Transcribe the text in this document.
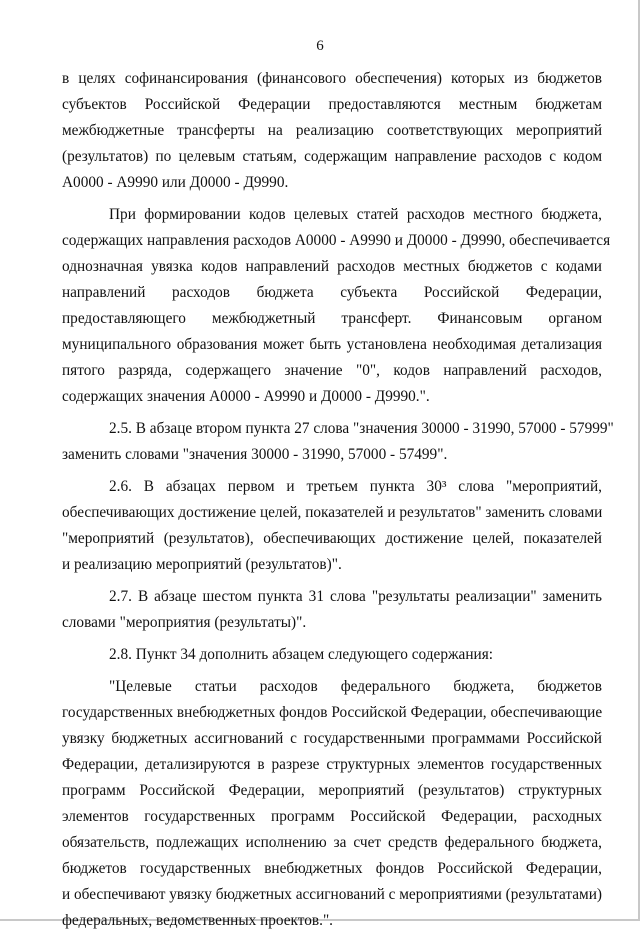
6
в целях софинансирования (финансового обеспечения) которых из бюджетов
субъектов Российской Федерации предоставляются местным бюджетам
межбюджетные трансферты на реализацию соответствующих мероприятий
(результатов) по целевым статьям, содержащим направление расходов с кодом
А0000 - А9990 или Д0000 - Д9990.
При формировании кодов целевых статей расходов местного бюджета,
содержащих направления расходов А0000 - А9990 и Д0000 - Д9990, обеспечивается
однозначная увязка кодов направлений расходов местных бюджетов с кодами
направлений расходов бюджета субъекта Российской Федерации,
предоставляющего межбюджетный трансферт. Финансовым органом
муниципального образования может быть установлена необходимая детализация
пятого разряда, содержащего значение "0", кодов направлений расходов,
содержащих значения А0000 - А9990 и Д0000 - Д9990.".
2.5. В абзаце втором пункта 27 слова "значения 30000 - 31990, 57000 - 57999"
заменить словами "значения 30000 - 31990, 57000 - 57499".
2.6. В абзацах первом и третьем пункта 30³ слова "мероприятий,
обеспечивающих достижение целей, показателей и результатов" заменить словами
"мероприятий (результатов), обеспечивающих достижение целей, показателей
и реализацию мероприятий (результатов)".
2.7. В абзаце шестом пункта 31 слова "результаты реализации" заменить
словами "мероприятия (результаты)".
2.8. Пункт 34 дополнить абзацем следующего содержания:
"Целевые статьи расходов федерального бюджета, бюджетов
государственных внебюджетных фондов Российской Федерации, обеспечивающие
увязку бюджетных ассигнований с государственными программами Российской
Федерации, детализируются в разрезе структурных элементов государственных
программ Российской Федерации, мероприятий (результатов) структурных
элементов государственных программ Российской Федерации, расходных
обязательств, подлежащих исполнению за счет средств федерального бюджета,
бюджетов государственных внебюджетных фондов Российской Федерации,
и обеспечивают увязку бюджетных ассигнований с мероприятиями (результатами)
федеральных, ведомственных проектов.".
